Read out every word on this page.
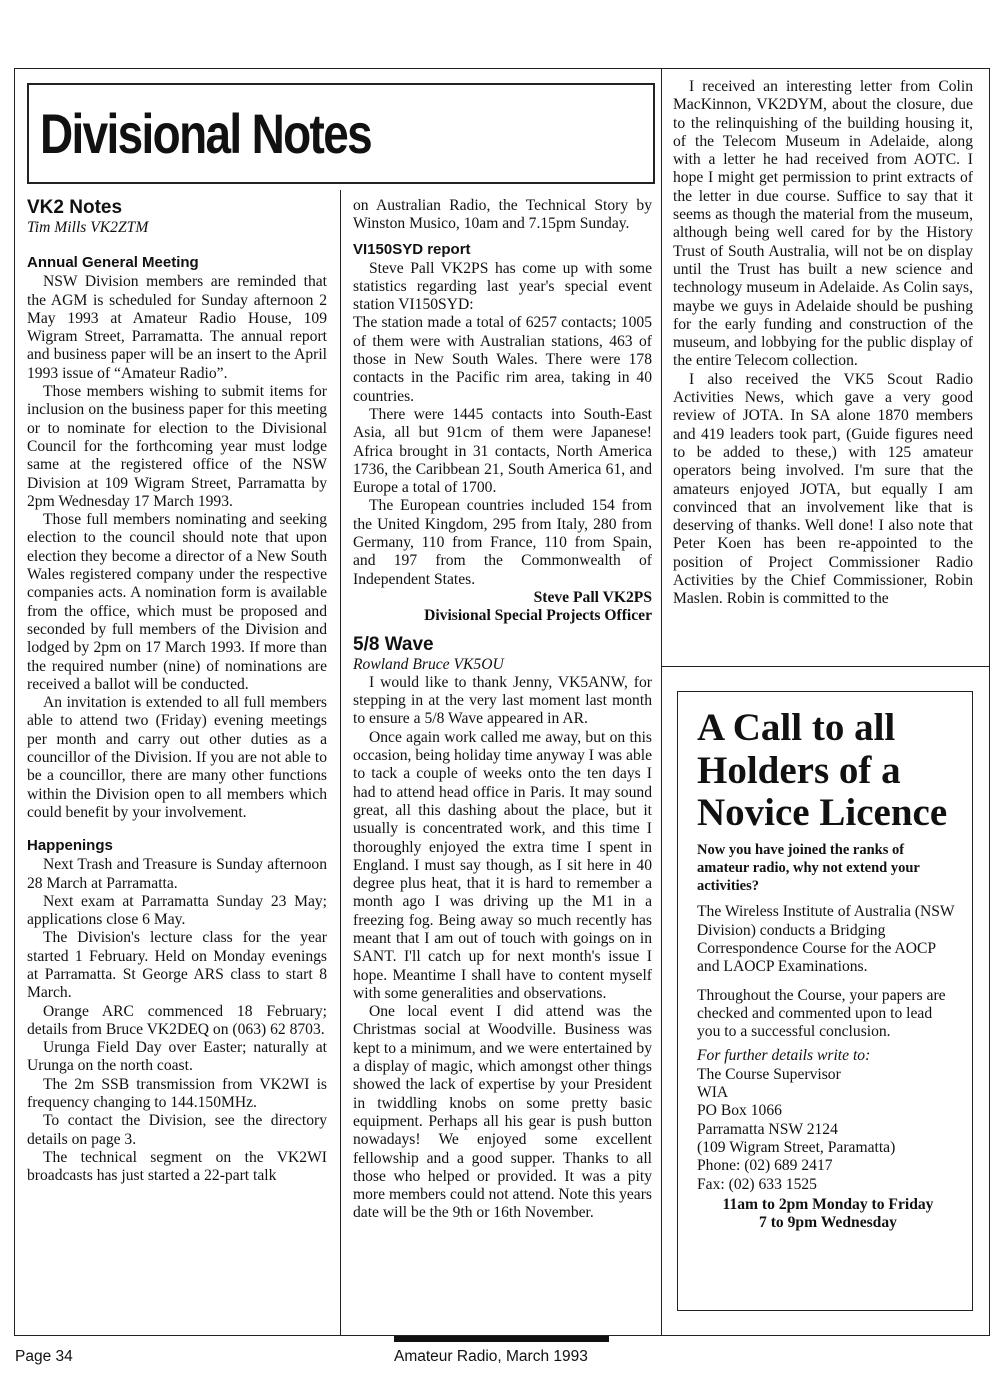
Divisional Notes
VK2 Notes
Tim Mills VK2ZTM
Annual General Meeting

NSW Division members are reminded that the AGM is scheduled for Sunday afternoon 2 May 1993 at Amateur Radio House, 109 Wigram Street, Parramatta. The annual report and business paper will be an insert to the April 1993 issue of “Amateur Radio”.

Those members wishing to submit items for inclusion on the business paper for this meeting or to nominate for election to the Divisional Council for the forthcoming year must lodge same at the registered office of the NSW Division at 109 Wigram Street, Parramatta by 2pm Wednesday 17 March 1993.

Those full members nominating and seeking election to the council should note that upon election they become a director of a New South Wales registered company under the respective companies acts. A nomination form is available from the office, which must be proposed and seconded by full members of the Division and lodged by 2pm on 17 March 1993. If more than the required number (nine) of nominations are received a ballot will be conducted.

An invitation is extended to all full members able to attend two (Friday) evening meetings per month and carry out other duties as a councillor of the Division. If you are not able to be a councillor, there are many other functions within the Division open to all members which could benefit by your involvement.

Happenings

Next Trash and Treasure is Sunday afternoon 28 March at Parramatta.

Next exam at Parramatta Sunday 23 May; applications close 6 May.

The Division's lecture class for the year started 1 February. Held on Monday evenings at Parramatta. St George ARS class to start 8 March.

Orange ARC commenced 18 February; details from Bruce VK2DEQ on (063) 62 8703.

Urunga Field Day over Easter; naturally at Urunga on the north coast.

The 2m SSB transmission from VK2WI is frequency changing to 144.150MHz.

To contact the Division, see the directory details on page 3.

The technical segment on the VK2WI broadcasts has just started a 22-part talk

on Australian Radio, the Technical Story by Winston Musico, 10am and 7.15pm Sunday.

VI150SYD report

Steve Pall VK2PS has come up with some statistics regarding last year's special event station VI150SYD:

The station made a total of 6257 contacts; 1005 of them were with Australian stations, 463 of those in New South Wales. There were 178 contacts in the Pacific rim area, taking in 40 countries.

There were 1445 contacts into South-East Asia, all but 91cm of them were Japanese! Africa brought in 31 contacts, North America 1736, the Caribbean 21, South America 61, and Europe a total of 1700.

The European countries included 154 from the United Kingdom, 295 from Italy, 280 from Germany, 110 from France, 110 from Spain, and 197 from the Commonwealth of Independent States.

Steve Pall VK2PS
Divisional Special Projects Officer
5/8 Wave
Rowland Bruce VK5OU

I would like to thank Jenny, VK5ANW, for stepping in at the very last moment last month to ensure a 5/8 Wave appeared in AR.

Once again work called me away, but on this occasion, being holiday time anyway I was able to tack a couple of weeks onto the ten days I had to attend head office in Paris. It may sound great, all this dashing about the place, but it usually is concentrated work, and this time I thoroughly enjoyed the extra time I spent in England. I must say though, as I sit here in 40 degree plus heat, that it is hard to remember a month ago I was driving up the M1 in a freezing fog. Being away so much recently has meant that I am out of touch with goings on in SANT. I'll catch up for next month's issue I hope. Meantime I shall have to content myself with some generalities and observations.

One local event I did attend was the Christmas social at Woodville. Business was kept to a minimum, and we were entertained by a display of magic, which amongst other things showed the lack of expertise by your President in twiddling knobs on some pretty basic equipment. Perhaps all his gear is push button nowadays! We enjoyed some excellent fellowship and a good supper. Thanks to all those who helped or provided. It was a pity more members could not attend. Note this years date will be the 9th or 16th November.

I received an interesting letter from Colin MacKinnon, VK2DYM, about the closure, due to the relinquishing of the building housing it, of the Telecom Museum in Adelaide, along with a letter he had received from AOTC. I hope I might get permission to print extracts of the letter in due course. Suffice to say that it seems as though the material from the museum, although being well cared for by the History Trust of South Australia, will not be on display until the Trust has built a new science and technology museum in Adelaide. As Colin says, maybe we guys in Adelaide should be pushing for the early funding and construction of the museum, and lobbying for the public display of the entire Telecom collection.

I also received the VK5 Scout Radio Activities News, which gave a very good review of JOTA. In SA alone 1870 members and 419 leaders took part, (Guide figures need to be added to these,) with 125 amateur operators being involved. I'm sure that the amateurs enjoyed JOTA, but equally I am convinced that an involvement like that is deserving of thanks. Well done! I also note that Peter Koen has been re-appointed to the position of Project Commissioner Radio Activities by the Chief Commissioner, Robin Maslen. Robin is committed to the

A Call to all Holders of a Novice Licence
Now you have joined the ranks of amateur radio, why not extend your activities?
The Wireless Institute of Australia (NSW Division) conducts a Bridging Correspondence Course for the AOCP and LAOCP Examinations.
Throughout the Course, your papers are checked and commented upon to lead you to a successful conclusion.
For further details write to:
The Course Supervisor
WIA
PO Box 1066
Parramatta NSW 2124
(109 Wigram Street, Paramatta)
Phone: (02) 689 2417
Fax: (02) 633 1525
11am to 2pm Monday to Friday
7 to 9pm Wednesday
Page 34	Amateur Radio, March 1993
